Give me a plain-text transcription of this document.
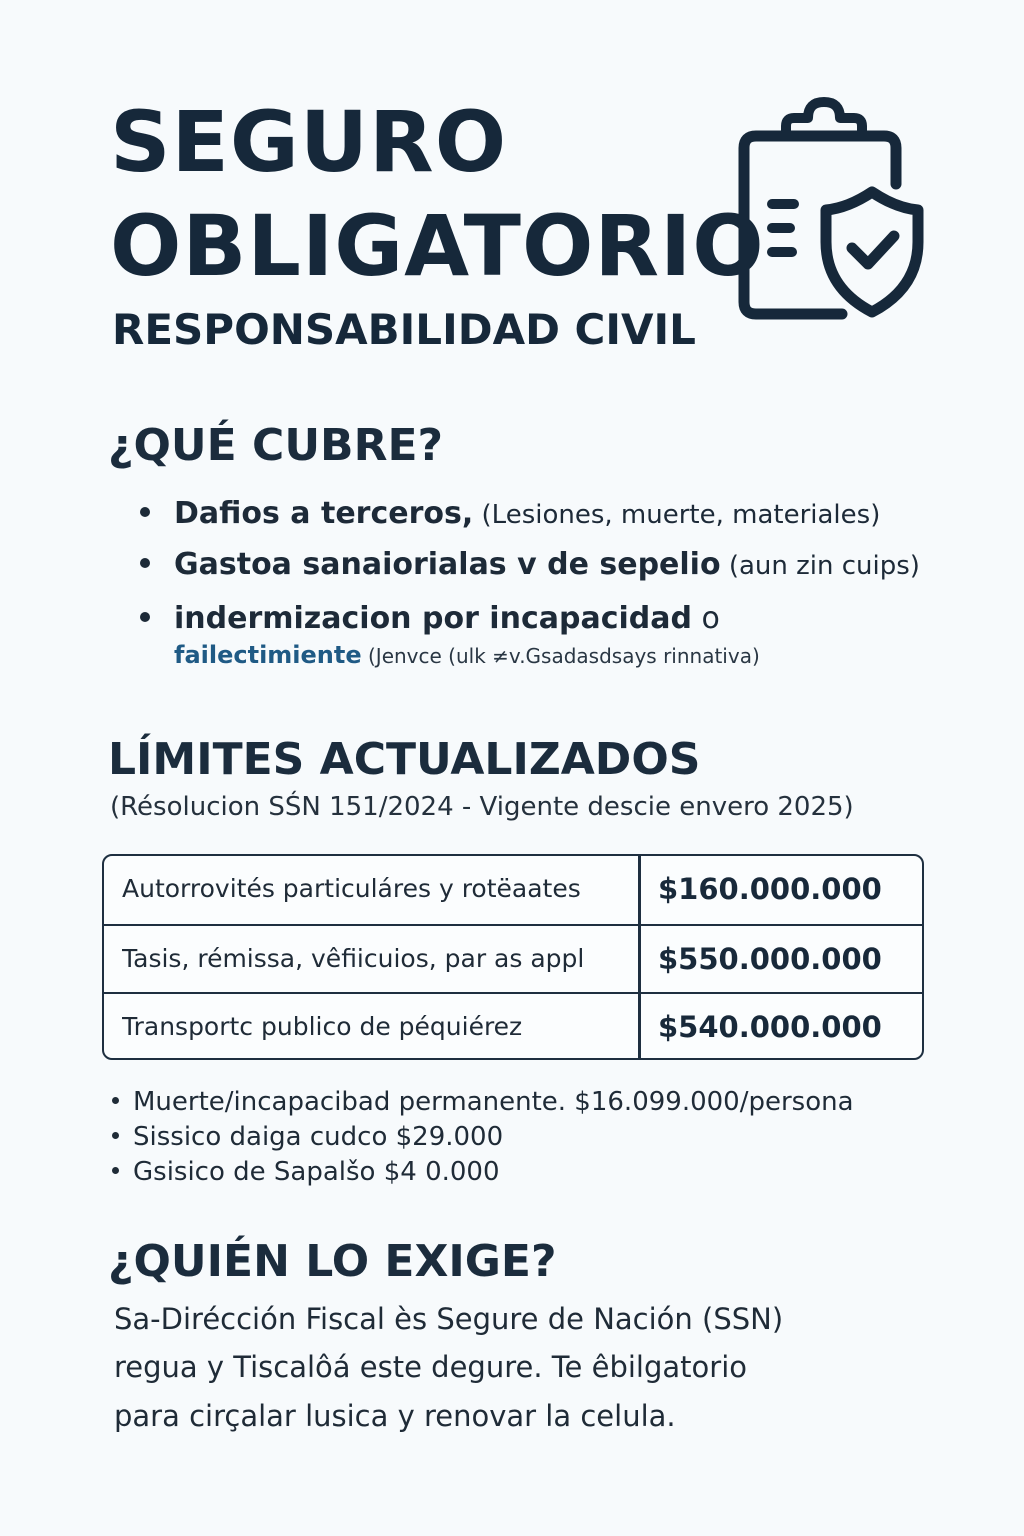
SEGURO
OBLIGATORIO
RESPONSABILIDAD CIVIL
¿QUÉ CUBRE?
Dafios a terceros, (Lesiones, muerte, materiales)
Gastoa sanaiorialas v de sepelio (aun zin cuips)
indermizacion por incapacidad o
failectimiente (Jenvce (ulk ≠v.Gsadasdsays rinnativa)
LÍMITES ACTUALIZADOS
(Résolucion SŚN 151/2024 - Vigente descie envero 2025)
Autorrovités particuláres y rotëaates	$160.000.000
Tasis, rémissa, vêfiicuios, par as appl	$550.000.000
Transportc publico de péquiérez	$540.000.000
Muerte/incapacibad permanente. $16.099.000/persona
Sissico daiga cudco $29.000
Gsisico de Sapalšo $4 0.000
¿QUIÉN LO EXIGE?
Sa-Dirécción Fiscal ès Segure de Nación (SSN)
regua y Tiscalôá este degure. Te êbilgatorio
para cirçalar lusica y renovar la celula.
